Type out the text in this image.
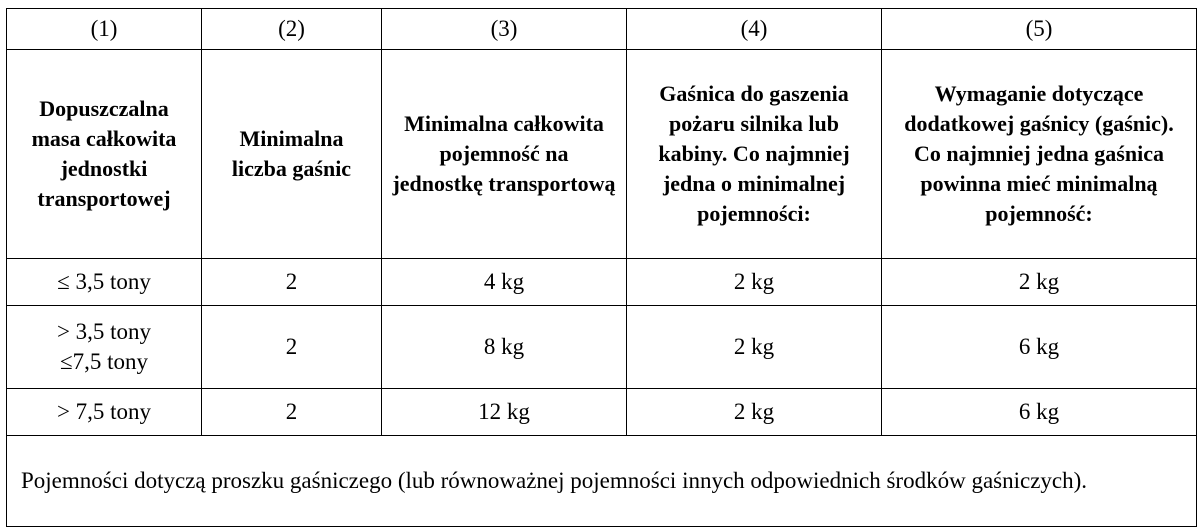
(1)	(2)	(3)	(4)	(5)
Dopuszczalna masa całkowita jednostki transportowej	Minimalna liczba gaśnic	Minimalna całkowita pojemność na jednostkę transportową	Gaśnica do gaszenia pożaru silnika lub kabiny. Co najmniej jedna o minimalnej pojemności:	Wymaganie dotyczące dodatkowej gaśnicy (gaśnic). Co najmniej jedna gaśnica powinna mieć minimalną pojemność:

≤ 3,5 tony	2	4 kg	2 kg	2 kg

> 3,5 tony
≤7,5 tony	2	8 kg	2 kg	6 kg

> 7,5 tony	2	12 kg	2 kg	6 kg
Pojemności dotyczą proszku gaśniczego (lub równoważnej pojemności innych odpowiednich środków gaśniczych).				
